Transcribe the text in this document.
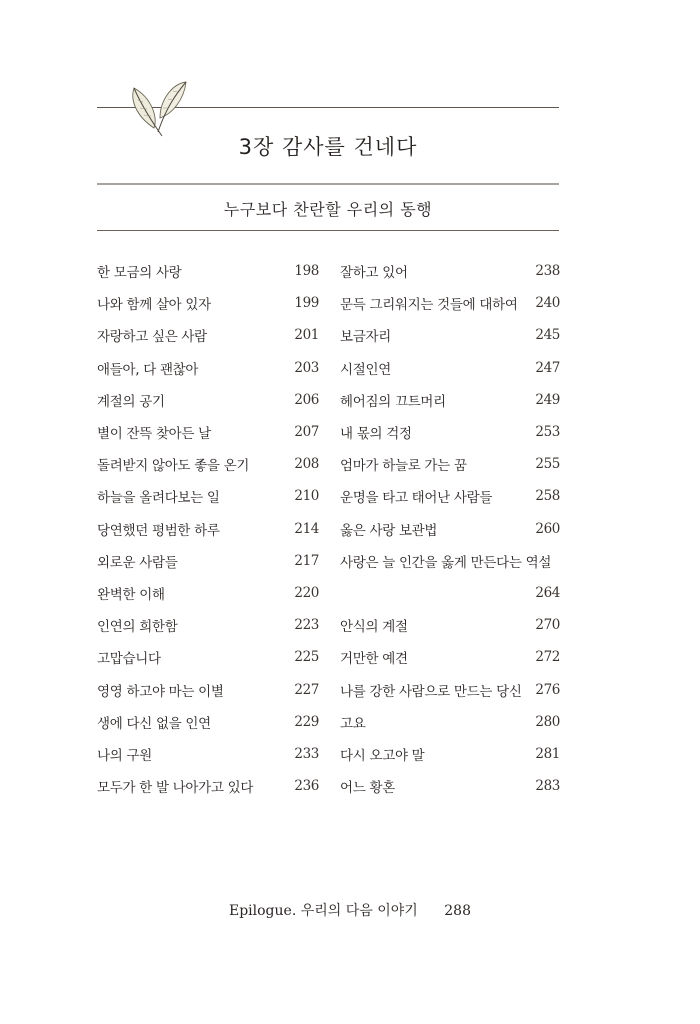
3장 감사를 건네다
누구보다 찬란할 우리의 동행
한 모금의 사랑	198
나와 함께 살아 있자	199
자랑하고 싶은 사람	201
애들아, 다 괜찮아	203
계절의 공기	206
별이 잔뜩 찾아든 날	207
돌려받지 않아도 좋을 온기	208
하늘을 올려다보는 일	210
당연했던 평범한 하루	214
외로운 사람들	217
완벽한 이해	220
인연의 희한함	223
고맙습니다	225
영영 하고야 마는 이별	227
생에 다신 없을 인연	229
나의 구원	233
모두가 한 발 나아가고 있다	236
잘하고 있어	238
문득 그리워지는 것들에 대하여 240
보금자리	245
시절인연	247
헤어짐의 끄트머리	249
내 몫의 걱정	253
엄마가 하늘로 가는 꿈	255
운명을 타고 태어난 사람들	258
옳은 사랑 보관법	260
사랑은 늘 인간을 옳게 만든다는 역설
264
안식의 계절	270
거만한 예견	272
나를 강한 사람으로 만드는 당신 276
고요	280
다시 오고야 말	281
어느 황혼	283
Epilogue. 우리의 다음 이야기 288
